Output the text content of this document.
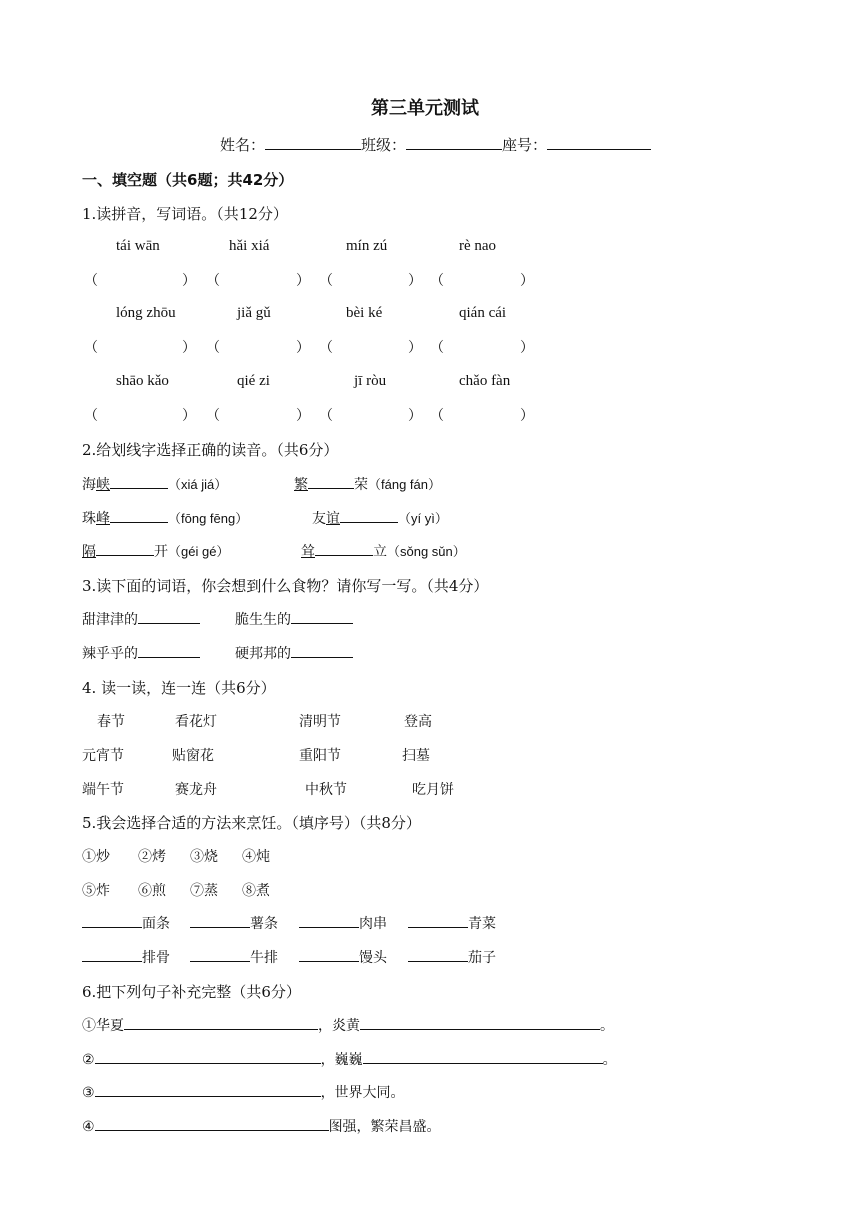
第三单元测试
姓名：	班级：	座号：
一、填空题（共6题；共42分）
1.读拼音，写词语。（共12分）
tái wān	hǎi xiá	mín zú	rè nao
（	） （	） （	） （	）
lóng zhōu	jiǎ gǔ	bèi ké	qián cái
（	） （	） （	） （	）
shāo kǎo	qié zi	jī ròu	chǎo fàn
（	） （	） （	） （	）
2.给划线字选择正确的读音。（共6分）
海峡	（xiá jiá）	繁	荣（fáng fán）
珠峰	（fōng fēng）	友谊	（yí yì）
隔	开（géi gé）	耸	立（sǒng sǔn）
3.读下面的词语，你会想到什么食物？请你写一写。（共4分）
甜津津的	脆生生的
辣乎乎的	硬邦邦的
4. 读一读，连一连（共6分）
春节	看花灯	清明节	登高
元宵节	贴窗花	重阳节	扫墓
端午节	赛龙舟	中秋节	吃月饼
5.我会选择合适的方法来烹饪。（填序号）（共8分）
①炒 ②烤 ③烧 ④炖
⑤炸 ⑥煎 ⑦蒸 ⑧煮
面条	薯条	肉串	青菜
排骨	牛排	馒头	茄子
6.把下列句子补充完整（共6分）
①华夏	，炎黄	。
②	，巍巍	。
③	，世界大同。
④	图强，繁荣昌盛。
